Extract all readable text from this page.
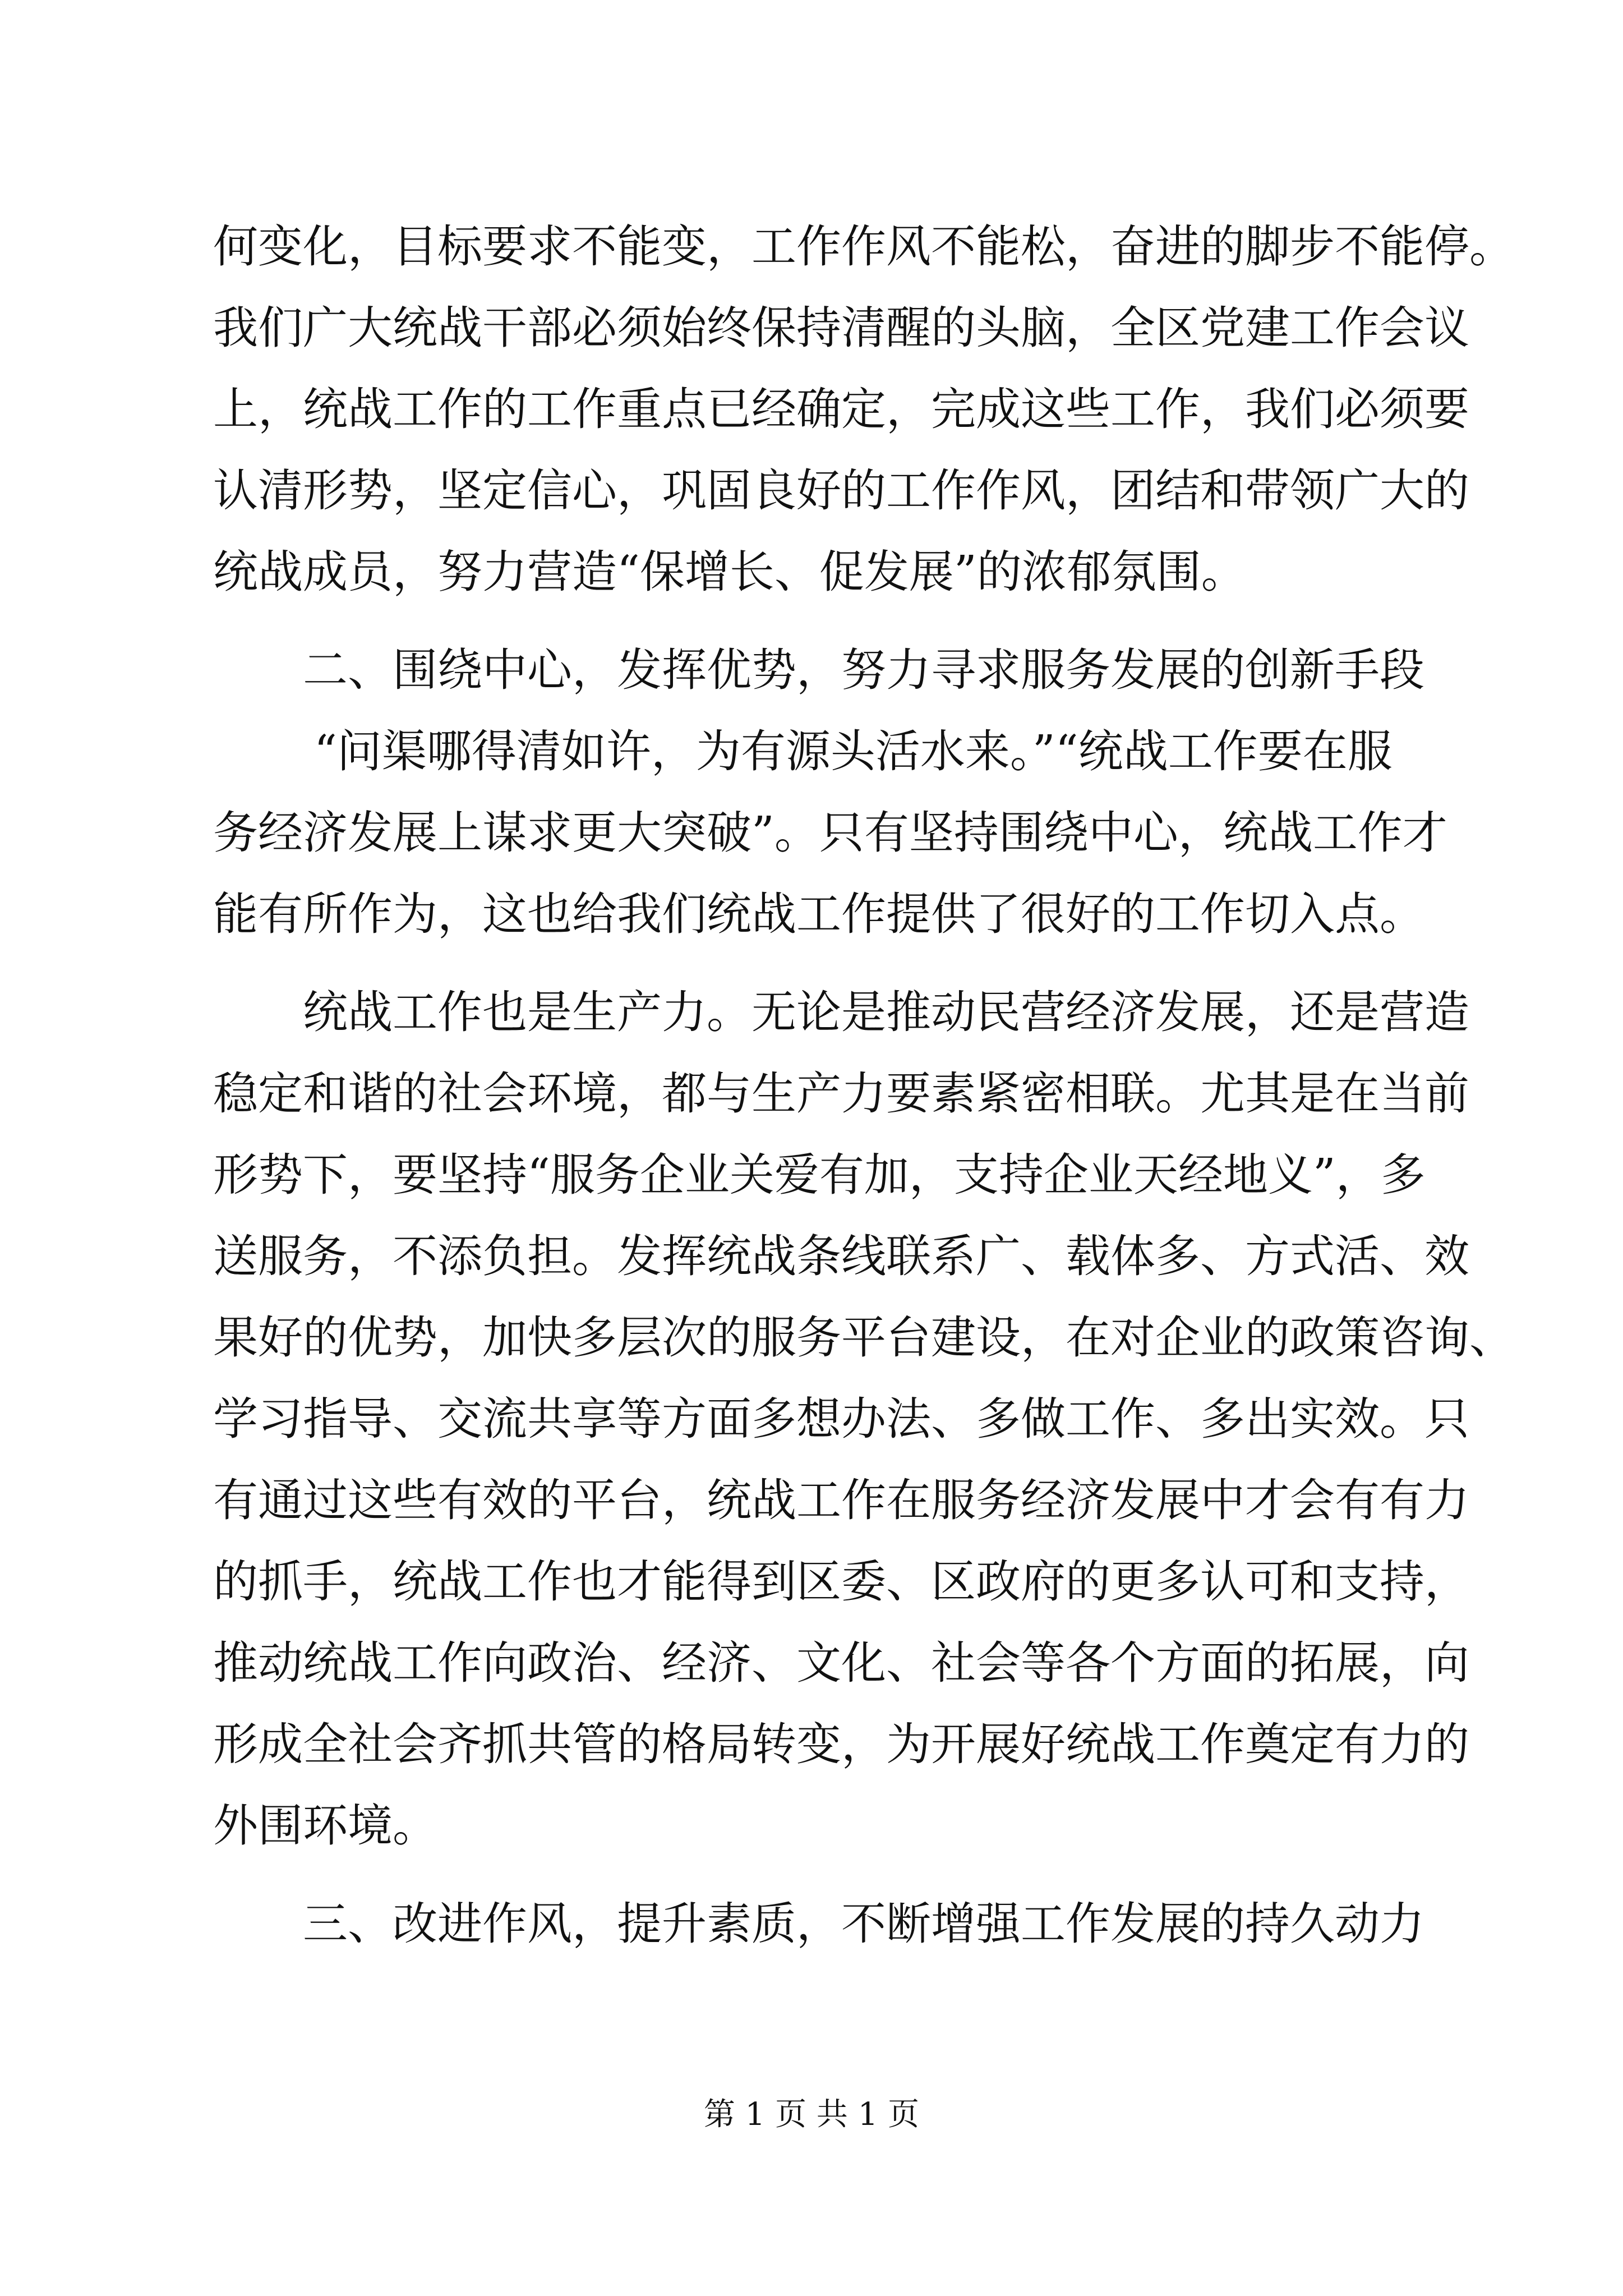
何变化，目标要求不能变，工作作风不能松，奋进的脚步不能停。

我们广大统战干部必须始终保持清醒的头脑，全区党建工作会议

上，统战工作的工作重点已经确定，完成这些工作，我们必须要

认清形势，坚定信心，巩固良好的工作作风，团结和带领广大的

统战成员，努力营造“保增长、促发展”的浓郁氛围。

二、围绕中心，发挥优势，努力寻求服务发展的创新手段

“问渠哪得清如许，为有源头活水来。”“统战工作要在服

务经济发展上谋求更大突破”。只有坚持围绕中心，统战工作才

能有所作为，这也给我们统战工作提供了很好的工作切入点。

统战工作也是生产力。无论是推动民营经济发展，还是营造

稳定和谐的社会环境，都与生产力要素紧密相联。尤其是在当前

形势下，要坚持“服务企业关爱有加，支持企业天经地义”，多

送服务，不添负担。发挥统战条线联系广、载体多、方式活、效

果好的优势，加快多层次的服务平台建设，在对企业的政策咨询、

学习指导、交流共享等方面多想办法、多做工作、多出实效。只

有通过这些有效的平台，统战工作在服务经济发展中才会有有力

的抓手，统战工作也才能得到区委、区政府的更多认可和支持，

推动统战工作向政治、经济、文化、社会等各个方面的拓展，向

形成全社会齐抓共管的格局转变，为开展好统战工作奠定有力的

外围环境。

三、改进作风，提升素质，不断增强工作发展的持久动力

第 1 页 共 1 页
